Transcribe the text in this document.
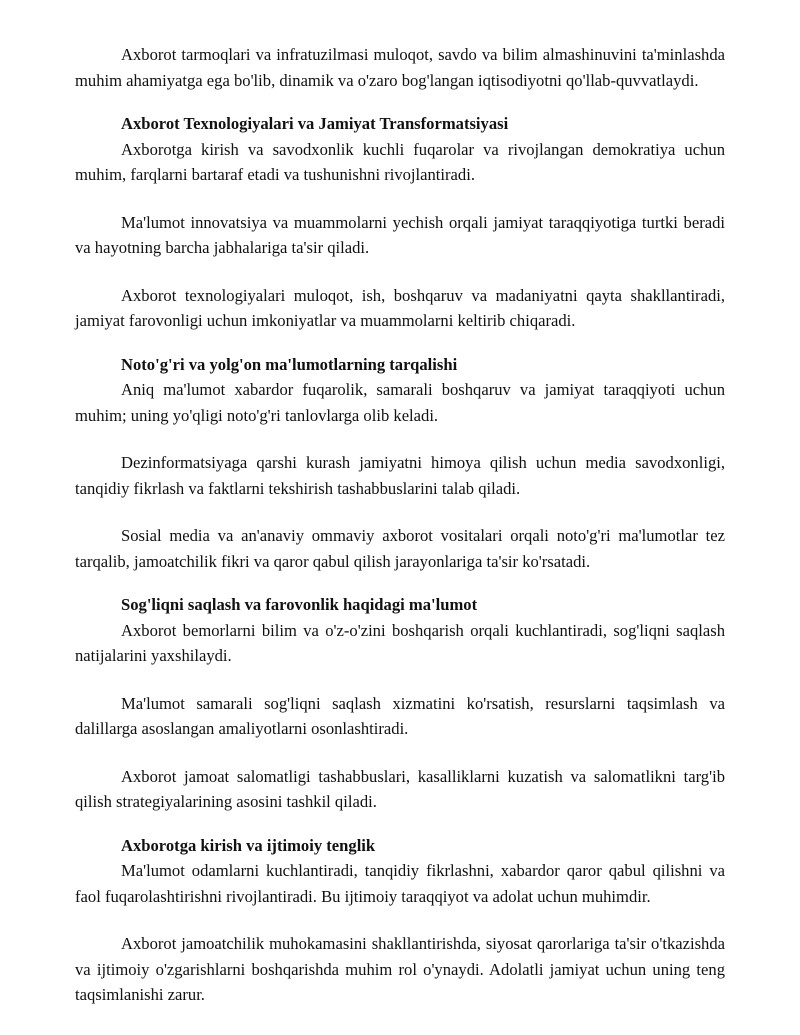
Axborot tarmoqlari va infratuzilmasi muloqot, savdo va bilim almashinuvini ta'minlashda muhim ahamiyatga ega bo'lib, dinamik va o'zaro bog'langan iqtisodiyotni qo'llab-quvvatlaydi.

Axborot Texnologiyalari va Jamiyat Transformatsiyasi

Axborotga kirish va savodxonlik kuchli fuqarolar va rivojlangan demokratiya uchun muhim, farqlarni bartaraf etadi va tushunishni rivojlantiradi.

Ma'lumot innovatsiya va muammolarni yechish orqali jamiyat taraqqiyotiga turtki beradi va hayotning barcha jabhalariga ta'sir qiladi.

Axborot texnologiyalari muloqot, ish, boshqaruv va madaniyatni qayta shakllantiradi, jamiyat farovonligi uchun imkoniyatlar va muammolarni keltirib chiqaradi.

Noto'g'ri va yolg'on ma'lumotlarning tarqalishi

Aniq ma'lumot xabardor fuqarolik, samarali boshqaruv va jamiyat taraqqiyoti uchun muhim; uning yo'qligi noto'g'ri tanlovlarga olib keladi.

Dezinformatsiyaga qarshi kurash jamiyatni himoya qilish uchun media savodxonligi, tanqidiy fikrlash va faktlarni tekshirish tashabbuslarini talab qiladi.

Sosial media va an'anaviy ommaviy axborot vositalari orqali noto'g'ri ma'lumotlar tez tarqalib, jamoatchilik fikri va qaror qabul qilish jarayonlariga ta'sir ko'rsatadi.

Sog'liqni saqlash va farovonlik haqidagi ma'lumot

Axborot bemorlarni bilim va o'z-o'zini boshqarish orqali kuchlantiradi, sog'liqni saqlash natijalarini yaxshilaydi.

Ma'lumot samarali sog'liqni saqlash xizmatini ko'rsatish, resurslarni taqsimlash va dalillarga asoslangan amaliyotlarni osonlashtiradi.

Axborot jamoat salomatligi tashabbuslari, kasalliklarni kuzatish va salomatlikni targ'ib qilish strategiyalarining asosini tashkil qiladi.

Axborotga kirish va ijtimoiy tenglik

Ma'lumot odamlarni kuchlantiradi, tanqidiy fikrlashni, xabardor qaror qabul qilishni va faol fuqarolashtirishni rivojlantiradi. Bu ijtimoiy taraqqiyot va adolat uchun muhimdir.

Axborot jamoatchilik muhokamasini shakllantirishda, siyosat qarorlariga ta'sir o'tkazishda va ijtimoiy o'zgarishlarni boshqarishda muhim rol o'ynaydi. Adolatli jamiyat uchun uning teng taqsimlanishi zarur.
